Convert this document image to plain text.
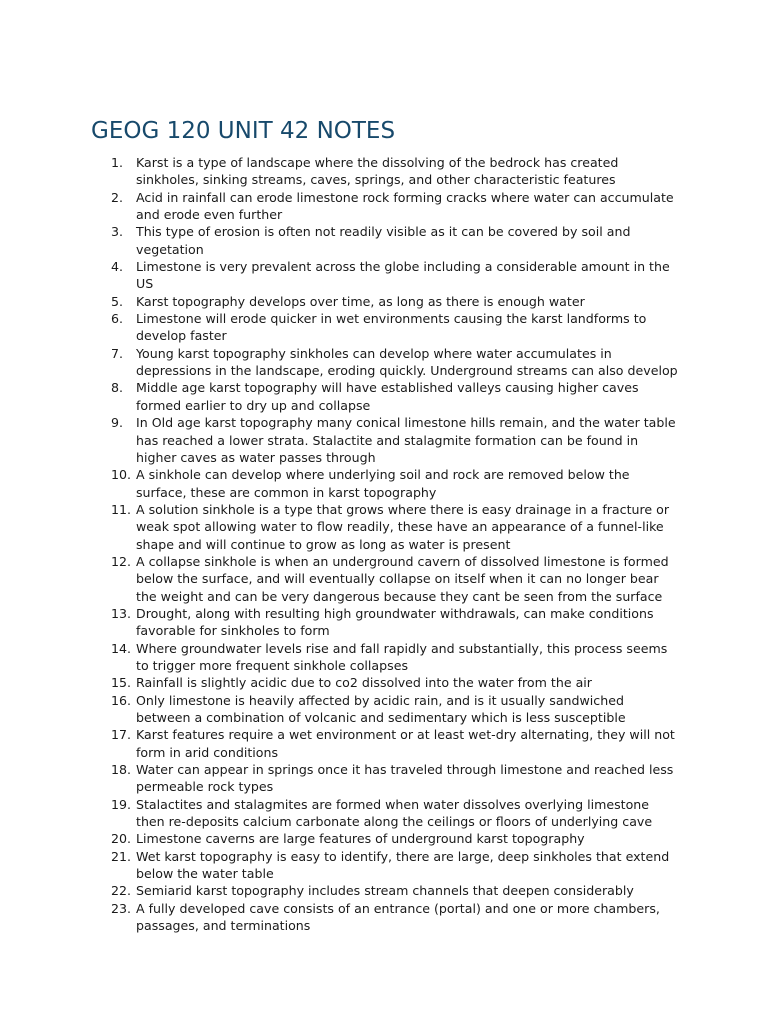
GEOG 120 UNIT 42 NOTES
1.	Karst is a type of landscape where the dissolving of the bedrock has created sinkholes, sinking streams, caves, springs, and other characteristic features
2.	Acid in rainfall can erode limestone rock forming cracks where water can accumulate and erode even further
3.	This type of erosion is often not readily visible as it can be covered by soil and vegetation
4.	Limestone is very prevalent across the globe including a considerable amount in the US
5.	Karst topography develops over time, as long as there is enough water
6.	Limestone will erode quicker in wet environments causing the karst landforms to develop faster
7.	Young karst topography sinkholes can develop where water accumulates in depressions in the landscape, eroding quickly. Underground streams can also develop
8.	Middle age karst topography will have established valleys causing higher caves formed earlier to dry up and collapse
9.	In Old age karst topography many conical limestone hills remain, and the water table has reached a lower strata. Stalactite and stalagmite formation can be found in higher caves as water passes through
10. A sinkhole can develop where underlying soil and rock are removed below the surface, these are common in karst topography
11. A solution sinkhole is a type that grows where there is easy drainage in a fracture or weak spot allowing water to flow readily, these have an appearance of a funnel-like shape and will continue to grow as long as water is present
12. A collapse sinkhole is when an underground cavern of dissolved limestone is formed below the surface, and will eventually collapse on itself when it can no longer bear the weight and can be very dangerous because they cant be seen from the surface
13. Drought, along with resulting high groundwater withdrawals, can make conditions favorable for sinkholes to form
14. Where groundwater levels rise and fall rapidly and substantially, this process seems to trigger more frequent sinkhole collapses
15. Rainfall is slightly acidic due to co2 dissolved into the water from the air
16. Only limestone is heavily affected by acidic rain, and is it usually sandwiched between a combination of volcanic and sedimentary which is less susceptible
17. Karst features require a wet environment or at least wet-dry alternating, they will not form in arid conditions
18. Water can appear in springs once it has traveled through limestone and reached less permeable rock types
19. Stalactites and stalagmites are formed when water dissolves overlying limestone then re-deposits calcium carbonate along the ceilings or floors of underlying cave
20. Limestone caverns are large features of underground karst topography
21. Wet karst topography is easy to identify, there are large, deep sinkholes that extend below the water table
22. Semiarid karst topography includes stream channels that deepen considerably
23. A fully developed cave consists of an entrance (portal) and one or more chambers, passages, and terminations
